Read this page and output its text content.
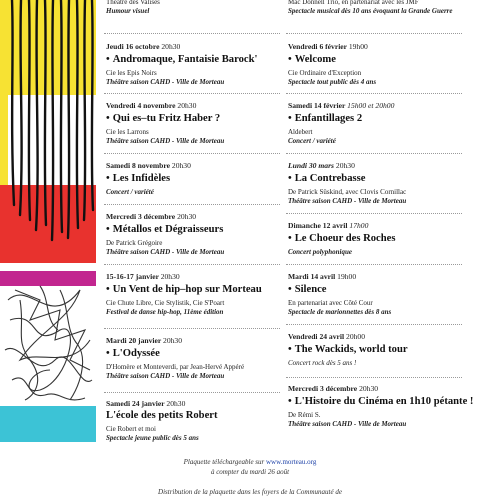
Théâtre des Valises
Humour visuel
Jeudi 16 octobre 20h30
• Andromaque, Fantaisie Barock'
Cie les Epis Noirs
Théâtre saison CAHD - Ville de Morteau
Vendredi 4 novembre 20h30
• Qui es–tu Fritz Haber ?
Cie les Larrons
Théâtre saison CAHD - Ville de Morteau
Samedi 8 novembre 20h30
• Les Infidèles
Concert / variété
Mercredi 3 décembre 20h30
• Métallos et Dégraisseurs
De Patrick Grégoire
Théâtre saison CAHD - Ville de Morteau
15-16-17 janvier 20h30
• Un Vent de hip–hop sur Morteau
Cie Chute Libre, Cie Stylistik, Cie S'Poart
Festival de danse hip-hop, 11ème édition
Mardi 20 janvier 20h30
• L'Odyssée
D'Homère et Monteverdi, par Jean-Hervé Appéré
Théâtre saison CAHD - Ville de Morteau
Samedi 24 janvier 20h30
L'école des petits Robert
Cie Robert et moi
Spectacle jeune public dès 5 ans
Mac Donnell Trio, en partenariat avec les JMF
Spectacle musical dès 10 ans évoquant la Grande Guerre
Vendredi 6 février 19h00
• Welcome
Cie Ordinaire d'Exception
Spectacle tout public dès 4 ans
Samedi 14 février 15h00 et 20h00
• Enfantillages 2
Aldebert
Concert / variété
Lundi 30 mars 20h30
• La Contrebasse
De Patrick Süskind, avec Clovis Cornillac
Théâtre saison CAHD - Ville de Morteau
Dimanche 12 avril 17h00
• Le Choeur des Roches
Concert polyphonique
Mardi 14 avril 19h00
• Silence
En partenariat avec Côté Cour
Spectacle de marionnettes dès 8 ans
Vendredi 24 avril 20h00
• The Wackids, world tour
Concert rock dès 5 ans !
Mercredi 3 décembre 20h30
• L'Histoire du Cinéma en 1h10 pétante !
De Rémi S.
Théâtre saison CAHD - Ville de Morteau
Plaquette téléchargeable sur www.morteau.org
à compter du mardi 26 août
Distribution de la plaquette dans les foyers de la Communauté de
